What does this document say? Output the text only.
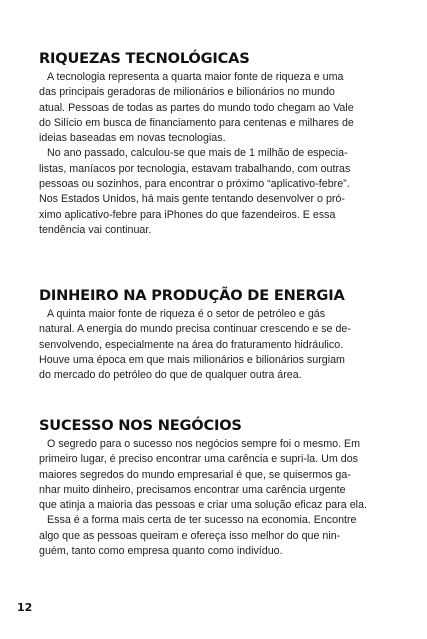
RIQUEZAS TECNOLÓGICAS

A tecnologia representa a quarta maior fonte de riqueza e uma
das principais geradoras de milionários e bilionários no mundo
atual. Pessoas de todas as partes do mundo todo chegam ao Vale
do Silício em busca de financiamento para centenas e milhares de
ideias baseadas em novas tecnologias.

No ano passado, calculou-se que mais de 1 milhão de especia-
listas, maníacos por tecnologia, estavam trabalhando, com outras
pessoas ou sozinhos, para encontrar o próximo “aplicativo-febre”.
Nos Estados Unidos, há mais gente tentando desenvolver o pró-
ximo aplicativo-febre para iPhones do que fazendeiros. E essa
tendência vai continuar.

DINHEIRO NA PRODUÇÃO DE ENERGIA

A quinta maior fonte de riqueza é o setor de petróleo e gás
natural. A energia do mundo precisa continuar crescendo e se de-
senvolvendo, especialmente na área do fraturamento hidráulico.
Houve uma época em que mais milionários e bilionários surgiam
do mercado do petróleo do que de qualquer outra área.

SUCESSO NOS NEGÓCIOS

O segredo para o sucesso nos negócios sempre foi o mesmo. Em
primeiro lugar, é preciso encontrar uma carência e supri-la. Um dos
maiores segredos do mundo empresarial é que, se quisermos ga-
nhar muito dinheiro, precisamos encontrar uma carência urgente
que atinja a maioria das pessoas e criar uma solução eficaz para ela.

Essa é a forma mais certa de ter sucesso na economia. Encontre
algo que as pessoas queiram e ofereça isso melhor do que nin-
guém, tanto como empresa quanto como indivíduo.

12
